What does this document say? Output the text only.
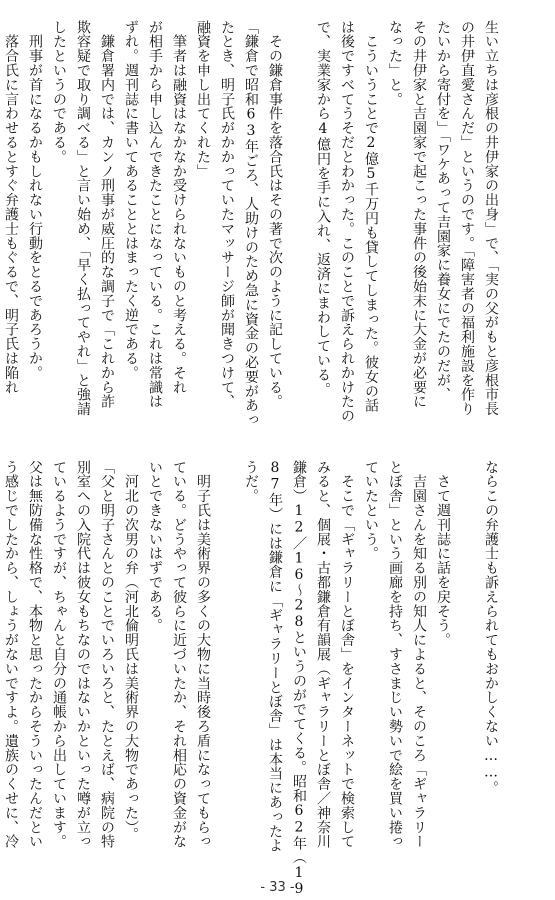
生い立ちは彦根の井伊家の出身」で、「実の父がもと彦根市長
の井伊直愛さんだ」というのです。「障害者の福利施設を作り
たいから寄付を」「ワケあって吉園家に養女にでたのだが、
その井伊家と吉園家で起こった事件の後始末に大金が必要に
なった」と。
　こういうことで2億5千万円も貸してしまった。彼女の話
は後ですべてうそだとわかった。このことで訴えられかけたの
で、実業家から4億円を手に入れ、返済にまわしている。

　その鎌倉事件を落合氏はその著で次のように記している。
「鎌倉で昭和63年ごろ、人助けのため急に資金の必要があっ
たとき、明子氏がかかっていたマッサージ師が聞きつけて、
融資を申し出てくれた」
　筆者は融資はなかなか受けられないものと考える。それ
が相手から申し込んできたことになっている。これは常識は
ずれ。週刊誌に書いてあることとはまったく逆である。
　鎌倉署内では、カンノ刑事が威圧的な調子で「これから詐
欺容疑で取り調べる」と言い始め、「早く払ってやれ」と強請
したというのである。
　刑事が首になるかもしれない行動をとるであろうか。
　落合氏に言わせるとすぐ弁護士もぐるで、明子氏は陥れ
ならこの弁護士も訴えられてもおかしくない……。

　さて週刊誌に話を戻そう。
　吉園さんを知る別の知人によると、そのころ「ギャラリー
とぼ舎」という画廊を持ち、すさまじい勢いで絵を買い捲っ
ていたという。
　そこで「ギャラリーとぼ舎」をインターネットで検索して
みると、個展・古都鎌倉有韻展（ギャラリーとぼ舎／神奈川
鎌倉）12／16～28というのがでてくる。昭和62年（19
87年）には鎌倉に「ギャラリーとぼ舎」は本当にあったよ
うだ。

　明子氏は美術界の多くの大物に当時後ろ盾になってもらっ
ている。どうやって彼らに近づいたか、それ相応の資金がな
いとできないはずである。
　河北の次男の弁（河北倫明氏は美術界の大物であった）。
「父と明子さんとのことでいろいろと、たとえば、病院の特
別室への入院代は彼女もちなのではないかといった噂が立っ
ているようですが、ちゃんと自分の通帳から出しています。
父は無防備な性格で、本物と思ったからそういったんだとい
う感じでしたから、しょうがないですよ。遺族のくせに、冷
- 33 -
